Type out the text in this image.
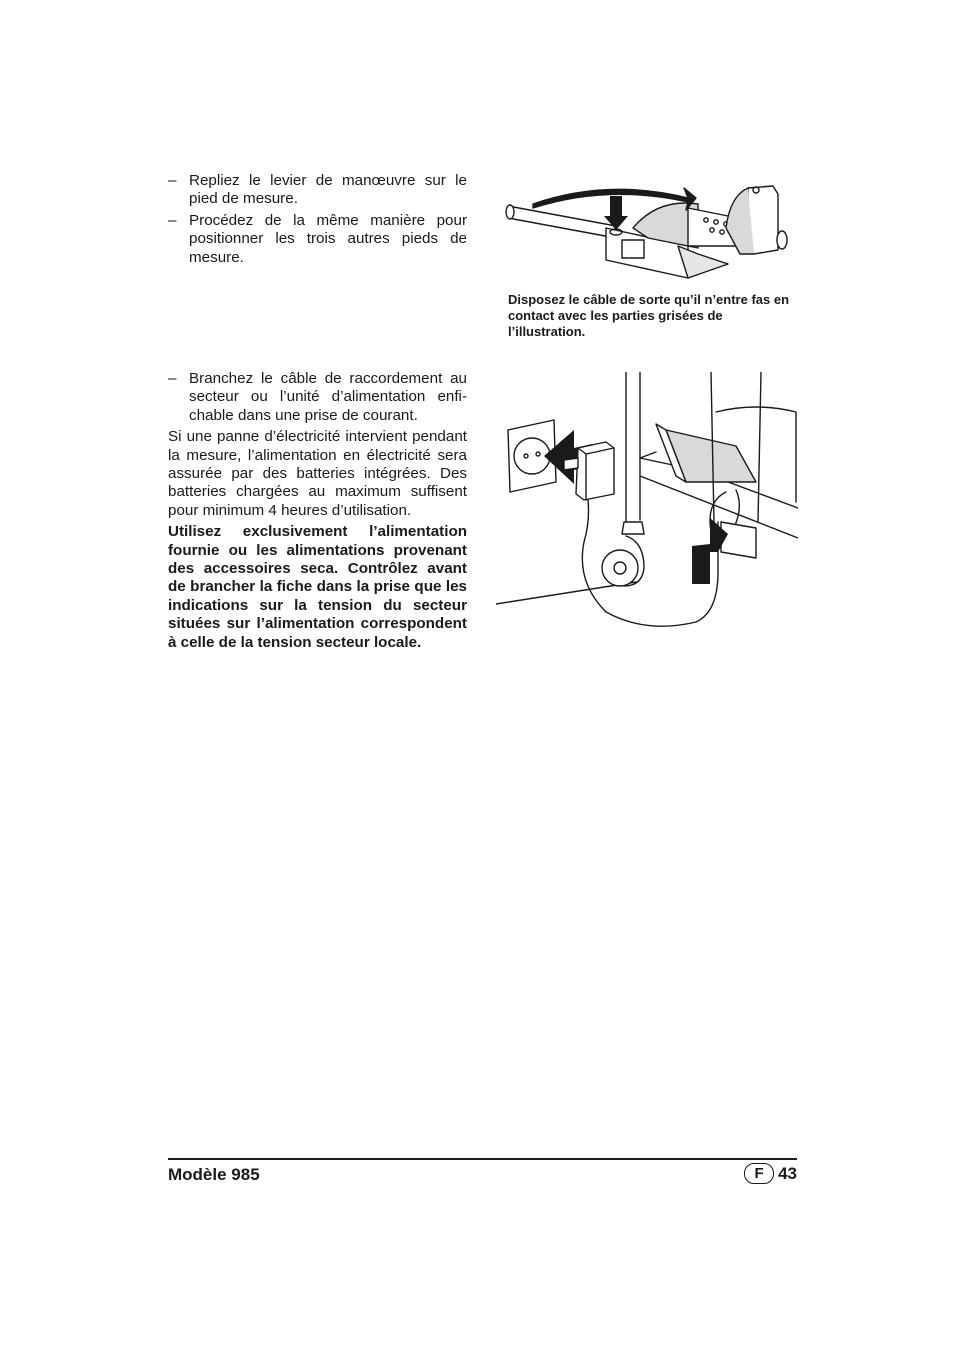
– Repliez le levier de manœuvre sur le pied de mesure.

– Procédez de la même manière pour positionner les trois autres pieds de mesure.

Disposez le câble de sorte qu’il n’entre fas en contact avec les parties grisées de l’illustration.

– Branchez le câble de raccordement au secteur ou l’unité d’alimentation enfichable dans une prise de courant.

Si une panne d’électricité intervient pendant la mesure, l’alimentation en électricité sera assurée par des batteries intégrées. Des batteries chargées au maximum suffisent pour minimum 4 heures d’utilisation.

Utilisez exclusivement l’alimentation fournie ou les alimentations provenant des accessoires seca. Contrôlez avant de brancher la fiche dans la prise que les indications sur la tension du secteur situées sur l’alimentation correspondent à celle de la tension secteur locale.

Modèle 985	F 43
